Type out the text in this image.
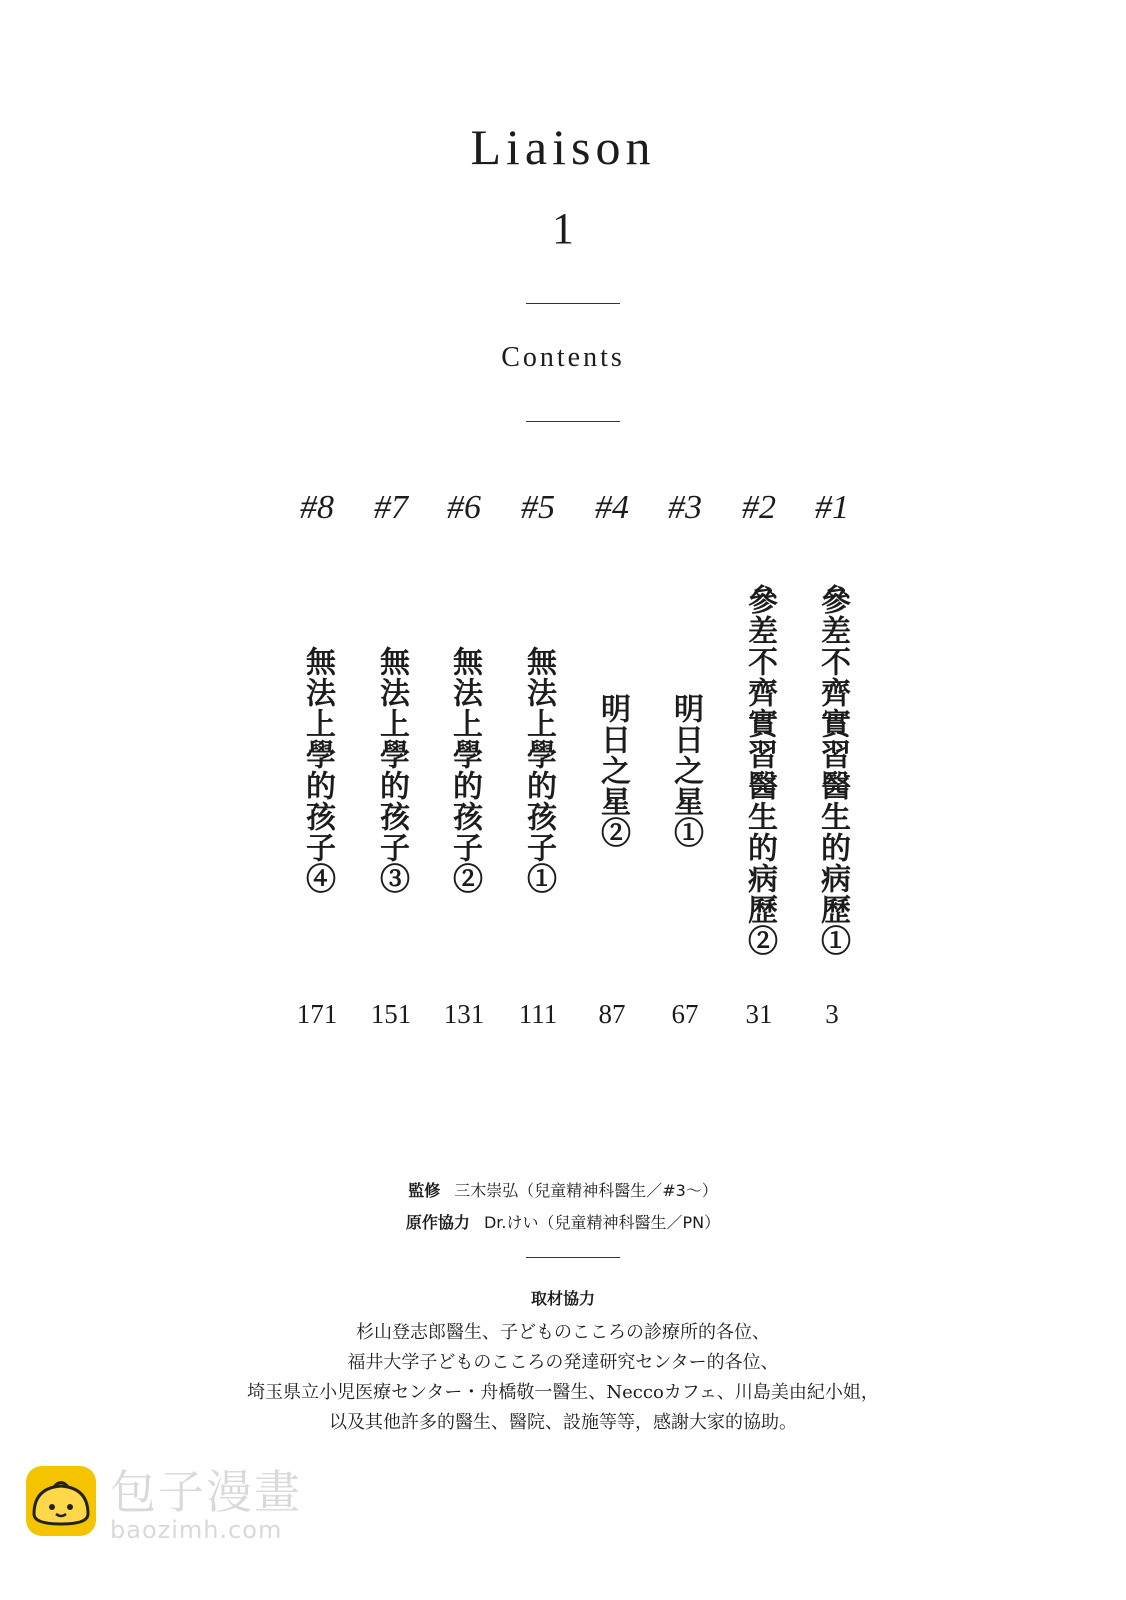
Liaison
1
Contents
#1
參差不齊實習醫生的病歷①
#2
參差不齊實習醫生的病歷②
#3
明日之星①
#4
明日之星②
#5
無法上學的孩子①
#6
無法上學的孩子②
#7
無法上學的孩子③
#8
無法上學的孩子④
3
31
67
87
111
131
151
171
監修 三木崇弘（兒童精神科醫生／#3～）
原作協力 Dr.けい（兒童精神科醫生／PN）
取材協力
杉山登志郎醫生、子どものこころの診療所的各位、
福井大学子どものこころの発達研究センター的各位、
埼玉県立小児医療センター・舟橋敬一醫生、Neccoカフェ、川島美由紀小姐，
以及其他許多的醫生、醫院、設施等等，感謝大家的協助。
包子漫畫
baozimh.com
